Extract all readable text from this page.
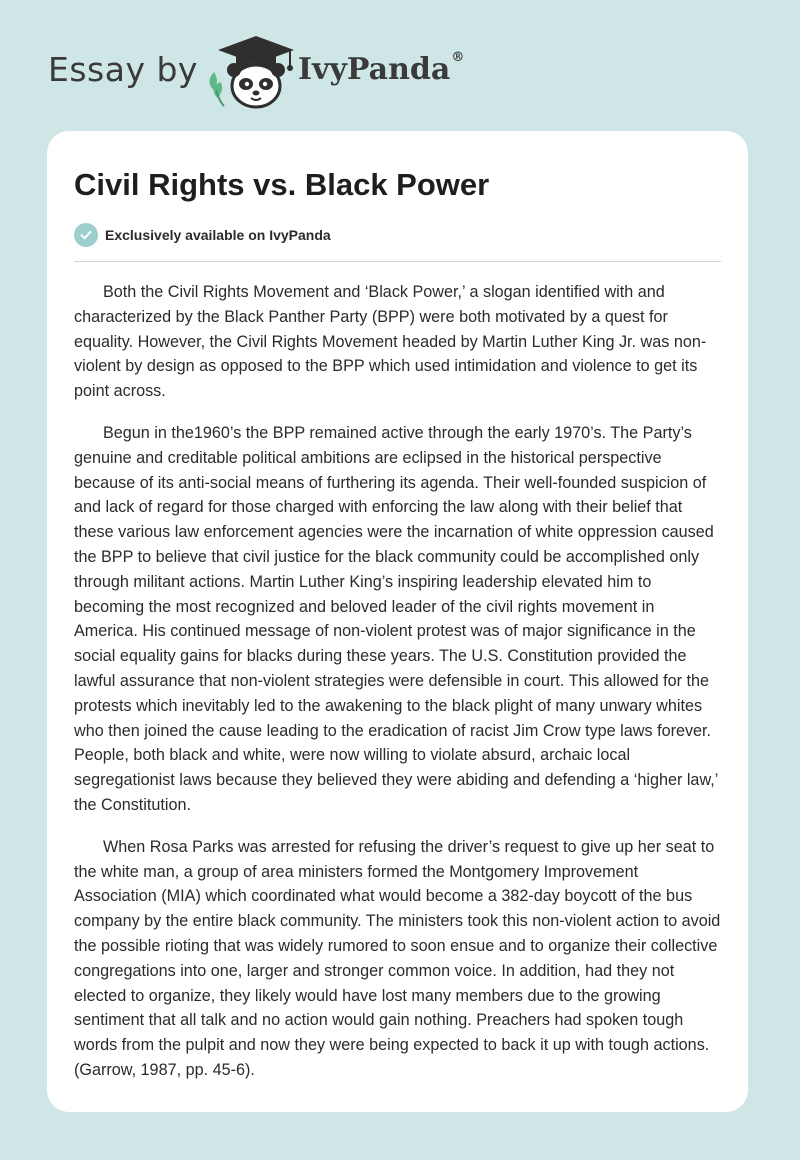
Essay by	IvyPanda®
Civil Rights vs. Black Power
Exclusively available on IvyPanda

Both the Civil Rights Movement and ‘Black Power,’ a slogan identified with and characterized by the Black Panther Party (BPP) were both motivated by a quest for equality. However, the Civil Rights Movement headed by Martin Luther King Jr. was non-violent by design as opposed to the BPP which used intimidation and violence to get its point across.

Begun in the1960’s the BPP remained active through the early 1970’s. The Party’s genuine and creditable political ambitions are eclipsed in the historical perspective because of its anti-social means of furthering its agenda. Their well-founded suspicion of and lack of regard for those charged with enforcing the law along with their belief that these various law enforcement agencies were the incarnation of white oppression caused the BPP to believe that civil justice for the black community could be accomplished only through militant actions. Martin Luther King’s inspiring leadership elevated him to becoming the most recognized and beloved leader of the civil rights movement in America. His continued message of non-violent protest was of major significance in the social equality gains for blacks during these years. The U.S. Constitution provided the lawful assurance that non-violent strategies were defensible in court. This allowed for the protests which inevitably led to the awakening to the black plight of many unwary whites who then joined the cause leading to the eradication of racist Jim Crow type laws forever. People, both black and white, were now willing to violate absurd, archaic local segregationist laws because they believed they were abiding and defending a ‘higher law,’ the Constitution.

When Rosa Parks was arrested for refusing the driver’s request to give up her seat to the white man, a group of area ministers formed the Montgomery Improvement Association (MIA) which coordinated what would become a 382-day boycott of the bus company by the entire black community. The ministers took this non-violent action to avoid the possible rioting that was widely rumored to soon ensue and to organize their collective congregations into one, larger and stronger common voice. In addition, had they not elected to organize, they likely would have lost many members due to the growing sentiment that all talk and no action would gain nothing. Preachers had spoken tough words from the pulpit and now they were being expected to back it up with tough actions. (Garrow, 1987, pp. 45-6).
